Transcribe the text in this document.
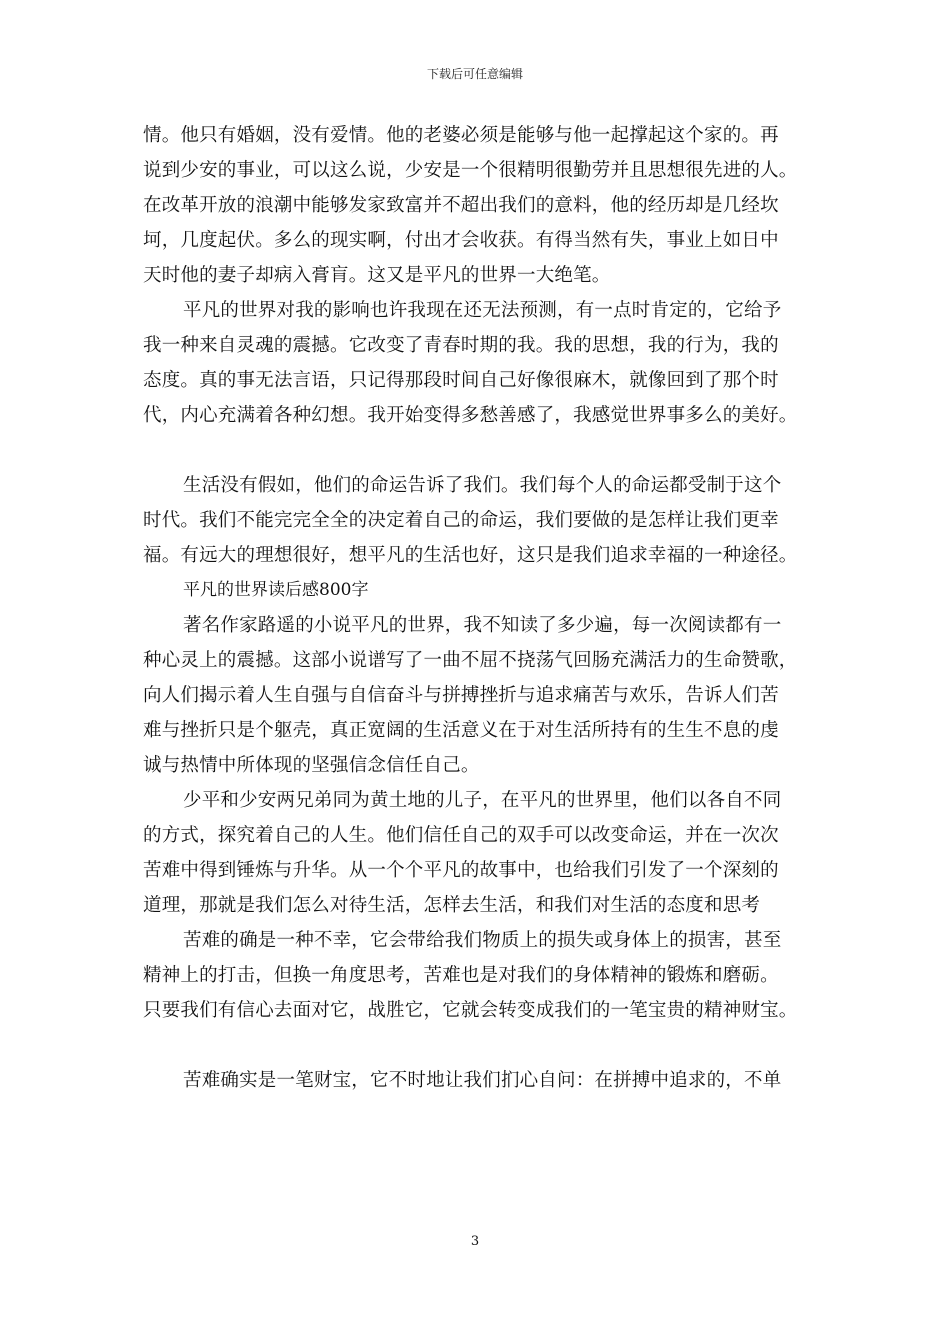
下载后可任意编辑
情。他只有婚姻，没有爱情。他的老婆必须是能够与他一起撑起这个家的。再
说到少安的事业，可以这么说，少安是一个很精明很勤劳并且思想很先进的人。
在改革开放的浪潮中能够发家致富并不超出我们的意料，他的经历却是几经坎
坷，几度起伏。多么的现实啊，付出才会收获。有得当然有失，事业上如日中
天时他的妻子却病入膏肓。这又是平凡的世界一大绝笔。
平凡的世界对我的影响也许我现在还无法预测，有一点时肯定的，它给予
我一种来自灵魂的震撼。它改变了青春时期的我。我的思想，我的行为，我的
态度。真的事无法言语，只记得那段时间自己好像很麻木，就像回到了那个时
代，内心充满着各种幻想。我开始变得多愁善感了，我感觉世界事多么的美好。
生活没有假如，他们的命运告诉了我们。我们每个人的命运都受制于这个
时代。我们不能完完全全的决定着自己的命运，我们要做的是怎样让我们更幸
福。有远大的理想很好，想平凡的生活也好，这只是我们追求幸福的一种途径。
平凡的世界读后感800字
著名作家路遥的小说平凡的世界，我不知读了多少遍，每一次阅读都有一
种心灵上的震撼。这部小说谱写了一曲不屈不挠荡气回肠充满活力的生命赞歌，
向人们揭示着人生自强与自信奋斗与拼搏挫折与追求痛苦与欢乐，告诉人们苦
难与挫折只是个躯壳，真正宽阔的生活意义在于对生活所持有的生生不息的虔
诚与热情中所体现的坚强信念信任自己。
少平和少安两兄弟同为黄土地的儿子，在平凡的世界里，他们以各自不同
的方式，探究着自己的人生。他们信任自己的双手可以改变命运，并在一次次
苦难中得到锤炼与升华。从一个个平凡的故事中，也给我们引发了一个深刻的
道理，那就是我们怎么对待生活，怎样去生活，和我们对生活的态度和思考
苦难的确是一种不幸，它会带给我们物质上的损失或身体上的损害，甚至
精神上的打击，但换一角度思考，苦难也是对我们的身体精神的锻炼和磨砺。
只要我们有信心去面对它，战胜它，它就会转变成我们的一笔宝贵的精神财宝。
苦难确实是一笔财宝，它不时地让我们扪心自问：在拼搏中追求的，不单
3
